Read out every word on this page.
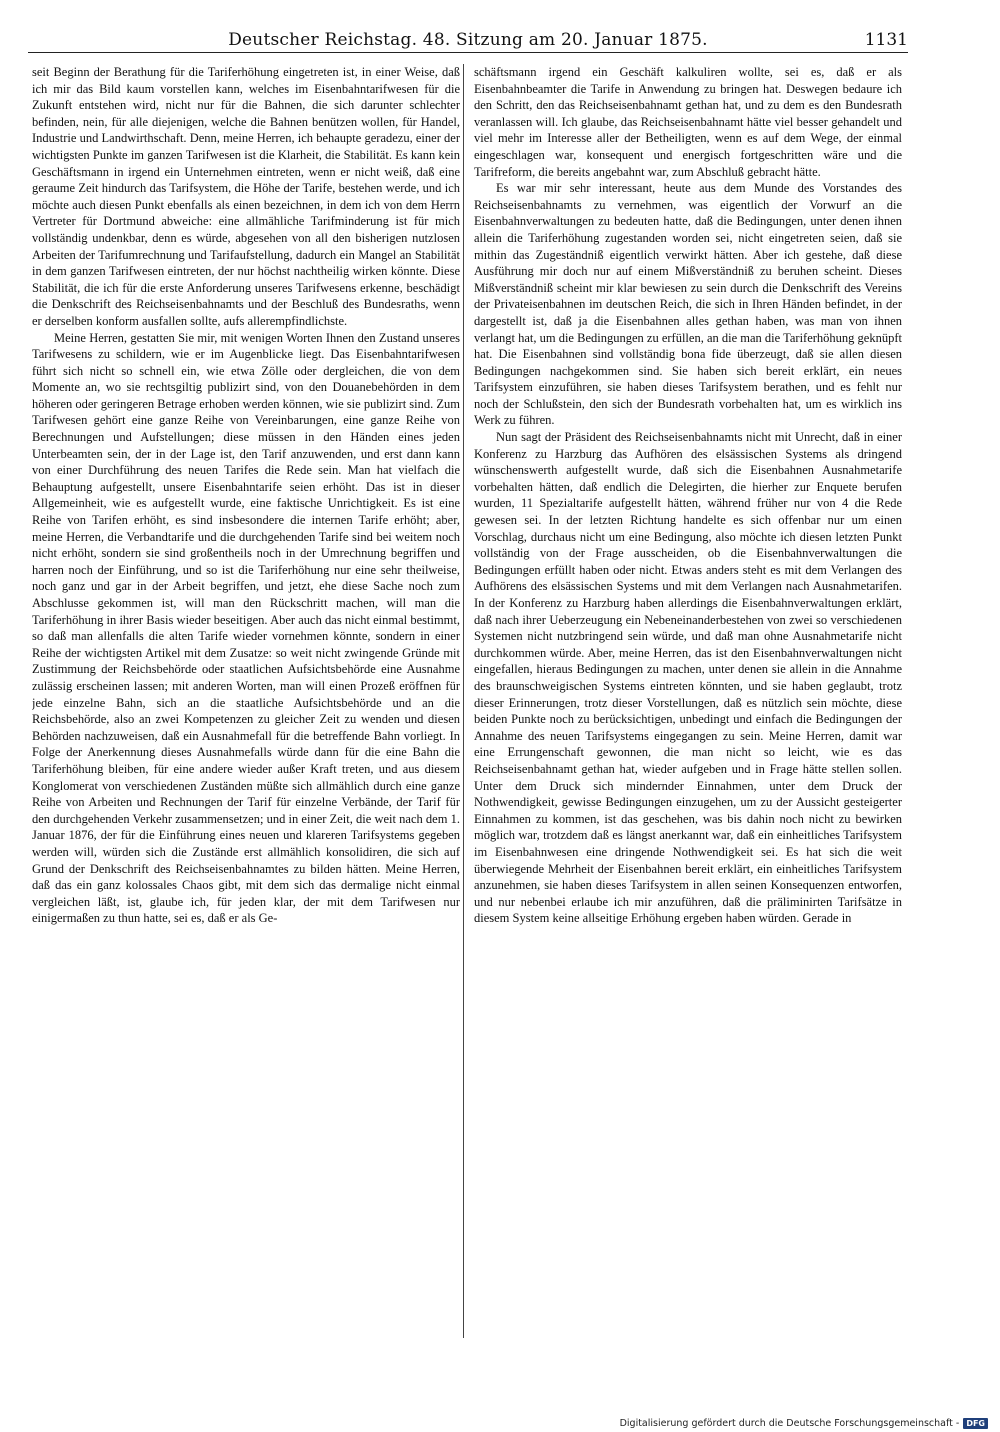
Deutscher Reichstag. 48. Sitzung am 20. Januar 1875.	1131

seit Beginn der Berathung für die Tariferhöhung eingetreten ist, in einer Weise, daß ich mir das Bild kaum vorstellen kann, welches im Eisenbahntarifwesen für die Zukunft entstehen wird, nicht nur für die Bahnen, die sich darunter schlechter befinden, nein, für alle diejenigen, welche die Bahnen benützen wollen, für Handel, Industrie und Landwirthschaft. Denn, meine Herren, ich behaupte geradezu, einer der wichtigsten Punkte im ganzen Tarifwesen ist die Klarheit, die Stabilität. Es kann kein Geschäftsmann in irgend ein Unternehmen eintreten, wenn er nicht weiß, daß eine geraume Zeit hindurch das Tarifsystem, die Höhe der Tarife, bestehen werde, und ich möchte auch diesen Punkt ebenfalls als einen bezeichnen, in dem ich von dem Herrn Vertreter für Dortmund abweiche: eine allmähliche Tarifminderung ist für mich vollständig undenkbar, denn es würde, abgesehen von all den bisherigen nutzlosen Arbeiten der Tarifumrechnung und Tarifaufstellung, dadurch ein Mangel an Stabilität in dem ganzen Tarifwesen eintreten, der nur höchst nachtheilig wirken könnte. Diese Stabilität, die ich für die erste Anforderung unseres Tarifwesens erkenne, beschädigt die Denkschrift des Reichseisenbahnamts und der Beschluß des Bundesraths, wenn er derselben konform ausfallen sollte, aufs allerempfindlichste.

Meine Herren, gestatten Sie mir, mit wenigen Worten Ihnen den Zustand unseres Tarifwesens zu schildern, wie er im Augenblicke liegt. Das Eisenbahntarifwesen führt sich nicht so schnell ein, wie etwa Zölle oder dergleichen, die von dem Momente an, wo sie rechtsgiltig publizirt sind, von den Douanebehörden in dem höheren oder geringeren Betrage erhoben werden können, wie sie publizirt sind. Zum Tarifwesen gehört eine ganze Reihe von Vereinbarungen, eine ganze Reihe von Berechnungen und Aufstellungen; diese müssen in den Händen eines jeden Unterbeamten sein, der in der Lage ist, den Tarif anzuwenden, und erst dann kann von einer Durchführung des neuen Tarifes die Rede sein. Man hat vielfach die Behauptung aufgestellt, unsere Eisenbahntarife seien erhöht. Das ist in dieser Allgemeinheit, wie es aufgestellt wurde, eine faktische Unrichtigkeit. Es ist eine Reihe von Tarifen erhöht, es sind insbesondere die internen Tarife erhöht; aber, meine Herren, die Verbandtarife und die durchgehenden Tarife sind bei weitem noch nicht erhöht, sondern sie sind großentheils noch in der Umrechnung begriffen und harren noch der Einführung, und so ist die Tariferhöhung nur eine sehr theilweise, noch ganz und gar in der Arbeit begriffen, und jetzt, ehe diese Sache noch zum Abschlusse gekommen ist, will man den Rückschritt machen, will man die Tariferhöhung in ihrer Basis wieder beseitigen. Aber auch das nicht einmal bestimmt, so daß man allenfalls die alten Tarife wieder vornehmen könnte, sondern in einer Reihe der wichtigsten Artikel mit dem Zusatze: so weit nicht zwingende Gründe mit Zustimmung der Reichsbehörde oder staatlichen Aufsichtsbehörde eine Ausnahme zulässig erscheinen lassen; mit anderen Worten, man will einen Prozeß eröffnen für jede einzelne Bahn, sich an die staatliche Aufsichtsbehörde und an die Reichsbehörde, also an zwei Kompetenzen zu gleicher Zeit zu wenden und diesen Behörden nachzuweisen, daß ein Ausnahmefall für die betreffende Bahn vorliegt. In Folge der Anerkennung dieses Ausnahmefalls würde dann für die eine Bahn die Tariferhöhung bleiben, für eine andere wieder außer Kraft treten, und aus diesem Konglomerat von verschiedenen Zuständen müßte sich allmählich durch eine ganze Reihe von Arbeiten und Rechnungen der Tarif für einzelne Verbände, der Tarif für den durchgehenden Verkehr zusammensetzen; und in einer Zeit, die weit nach dem 1. Januar 1876, der für die Einführung eines neuen und klareren Tarifsystems gegeben werden will, würden sich die Zustände erst allmählich konsolidiren, die sich auf Grund der Denkschrift des Reichseisenbahnamtes zu bilden hätten. Meine Herren, daß das ein ganz kolossales Chaos gibt, mit dem sich das dermalige nicht einmal vergleichen läßt, ist, glaube ich, für jeden klar, der mit dem Tarifwesen nur einigermaßen zu thun hatte, sei es, daß er als Ge-

schäftsmann irgend ein Geschäft kalkuliren wollte, sei es, daß er als Eisenbahnbeamter die Tarife in Anwendung zu bringen hat. Deswegen bedaure ich den Schritt, den das Reichseisenbahnamt gethan hat, und zu dem es den Bundesrath veranlassen will. Ich glaube, das Reichseisenbahnamt hätte viel besser gehandelt und viel mehr im Interesse aller der Betheiligten, wenn es auf dem Wege, der einmal eingeschlagen war, konsequent und energisch fortgeschritten wäre und die Tarifreform, die bereits angebahnt war, zum Abschluß gebracht hätte.

Es war mir sehr interessant, heute aus dem Munde des Vorstandes des Reichseisenbahnamts zu vernehmen, was eigentlich der Vorwurf an die Eisenbahnverwaltungen zu bedeuten hatte, daß die Bedingungen, unter denen ihnen allein die Tariferhöhung zugestanden worden sei, nicht eingetreten seien, daß sie mithin das Zugeständniß eigentlich verwirkt hätten. Aber ich gestehe, daß diese Ausführung mir doch nur auf einem Mißverständniß zu beruhen scheint. Dieses Mißverständniß scheint mir klar bewiesen zu sein durch die Denkschrift des Vereins der Privateisenbahnen im deutschen Reich, die sich in Ihren Händen befindet, in der dargestellt ist, daß ja die Eisenbahnen alles gethan haben, was man von ihnen verlangt hat, um die Bedingungen zu erfüllen, an die man die Tariferhöhung geknüpft hat. Die Eisenbahnen sind vollständig bona fide überzeugt, daß sie allen diesen Bedingungen nachgekommen sind. Sie haben sich bereit erklärt, ein neues Tarifsystem einzuführen, sie haben dieses Tarifsystem berathen, und es fehlt nur noch der Schlußstein, den sich der Bundesrath vorbehalten hat, um es wirklich ins Werk zu führen.

Nun sagt der Präsident des Reichseisenbahnamts nicht mit Unrecht, daß in einer Konferenz zu Harzburg das Aufhören des elsässischen Systems als dringend wünschenswerth aufgestellt wurde, daß sich die Eisenbahnen Ausnahmetarife vorbehalten hätten, daß endlich die Delegirten, die hierher zur Enquete berufen wurden, 11 Spezialtarife aufgestellt hätten, während früher nur von 4 die Rede gewesen sei. In der letzten Richtung handelte es sich offenbar nur um einen Vorschlag, durchaus nicht um eine Bedingung, also möchte ich diesen letzten Punkt vollständig von der Frage ausscheiden, ob die Eisenbahnverwaltungen die Bedingungen erfüllt haben oder nicht. Etwas anders steht es mit dem Verlangen des Aufhörens des elsässischen Systems und mit dem Verlangen nach Ausnahmetarifen. In der Konferenz zu Harzburg haben allerdings die Eisenbahnverwaltungen erklärt, daß nach ihrer Ueberzeugung ein Nebeneinanderbestehen von zwei so verschiedenen Systemen nicht nutzbringend sein würde, und daß man ohne Ausnahmetarife nicht durchkommen würde. Aber, meine Herren, das ist den Eisenbahnverwaltungen nicht eingefallen, hieraus Bedingungen zu machen, unter denen sie allein in die Annahme des braunschweigischen Systems eintreten könnten, und sie haben geglaubt, trotz dieser Erinnerungen, trotz dieser Vorstellungen, daß es nützlich sein möchte, diese beiden Punkte noch zu berücksichtigen, unbedingt und einfach die Bedingungen der Annahme des neuen Tarifsystems eingegangen zu sein. Meine Herren, damit war eine Errungenschaft gewonnen, die man nicht so leicht, wie es das Reichseisenbahnamt gethan hat, wieder aufgeben und in Frage hätte stellen sollen. Unter dem Druck sich mindernder Einnahmen, unter dem Druck der Nothwendigkeit, gewisse Bedingungen einzugehen, um zu der Aussicht gesteigerter Einnahmen zu kommen, ist das geschehen, was bis dahin noch nicht zu bewirken möglich war, trotzdem daß es längst anerkannt war, daß ein einheitliches Tarifsystem im Eisenbahnwesen eine dringende Nothwendigkeit sei. Es hat sich die weit überwiegende Mehrheit der Eisenbahnen bereit erklärt, ein einheitliches Tarifsystem anzunehmen, sie haben dieses Tarifsystem in allen seinen Konsequenzen entworfen, und nur nebenbei erlaube ich mir anzuführen, daß die präliminirten Tarifsätze in diesem System keine allseitige Erhöhung ergeben haben würden. Gerade in

Digitalisierung gefördert durch die Deutsche Forschungsgemeinschaft - DFG
